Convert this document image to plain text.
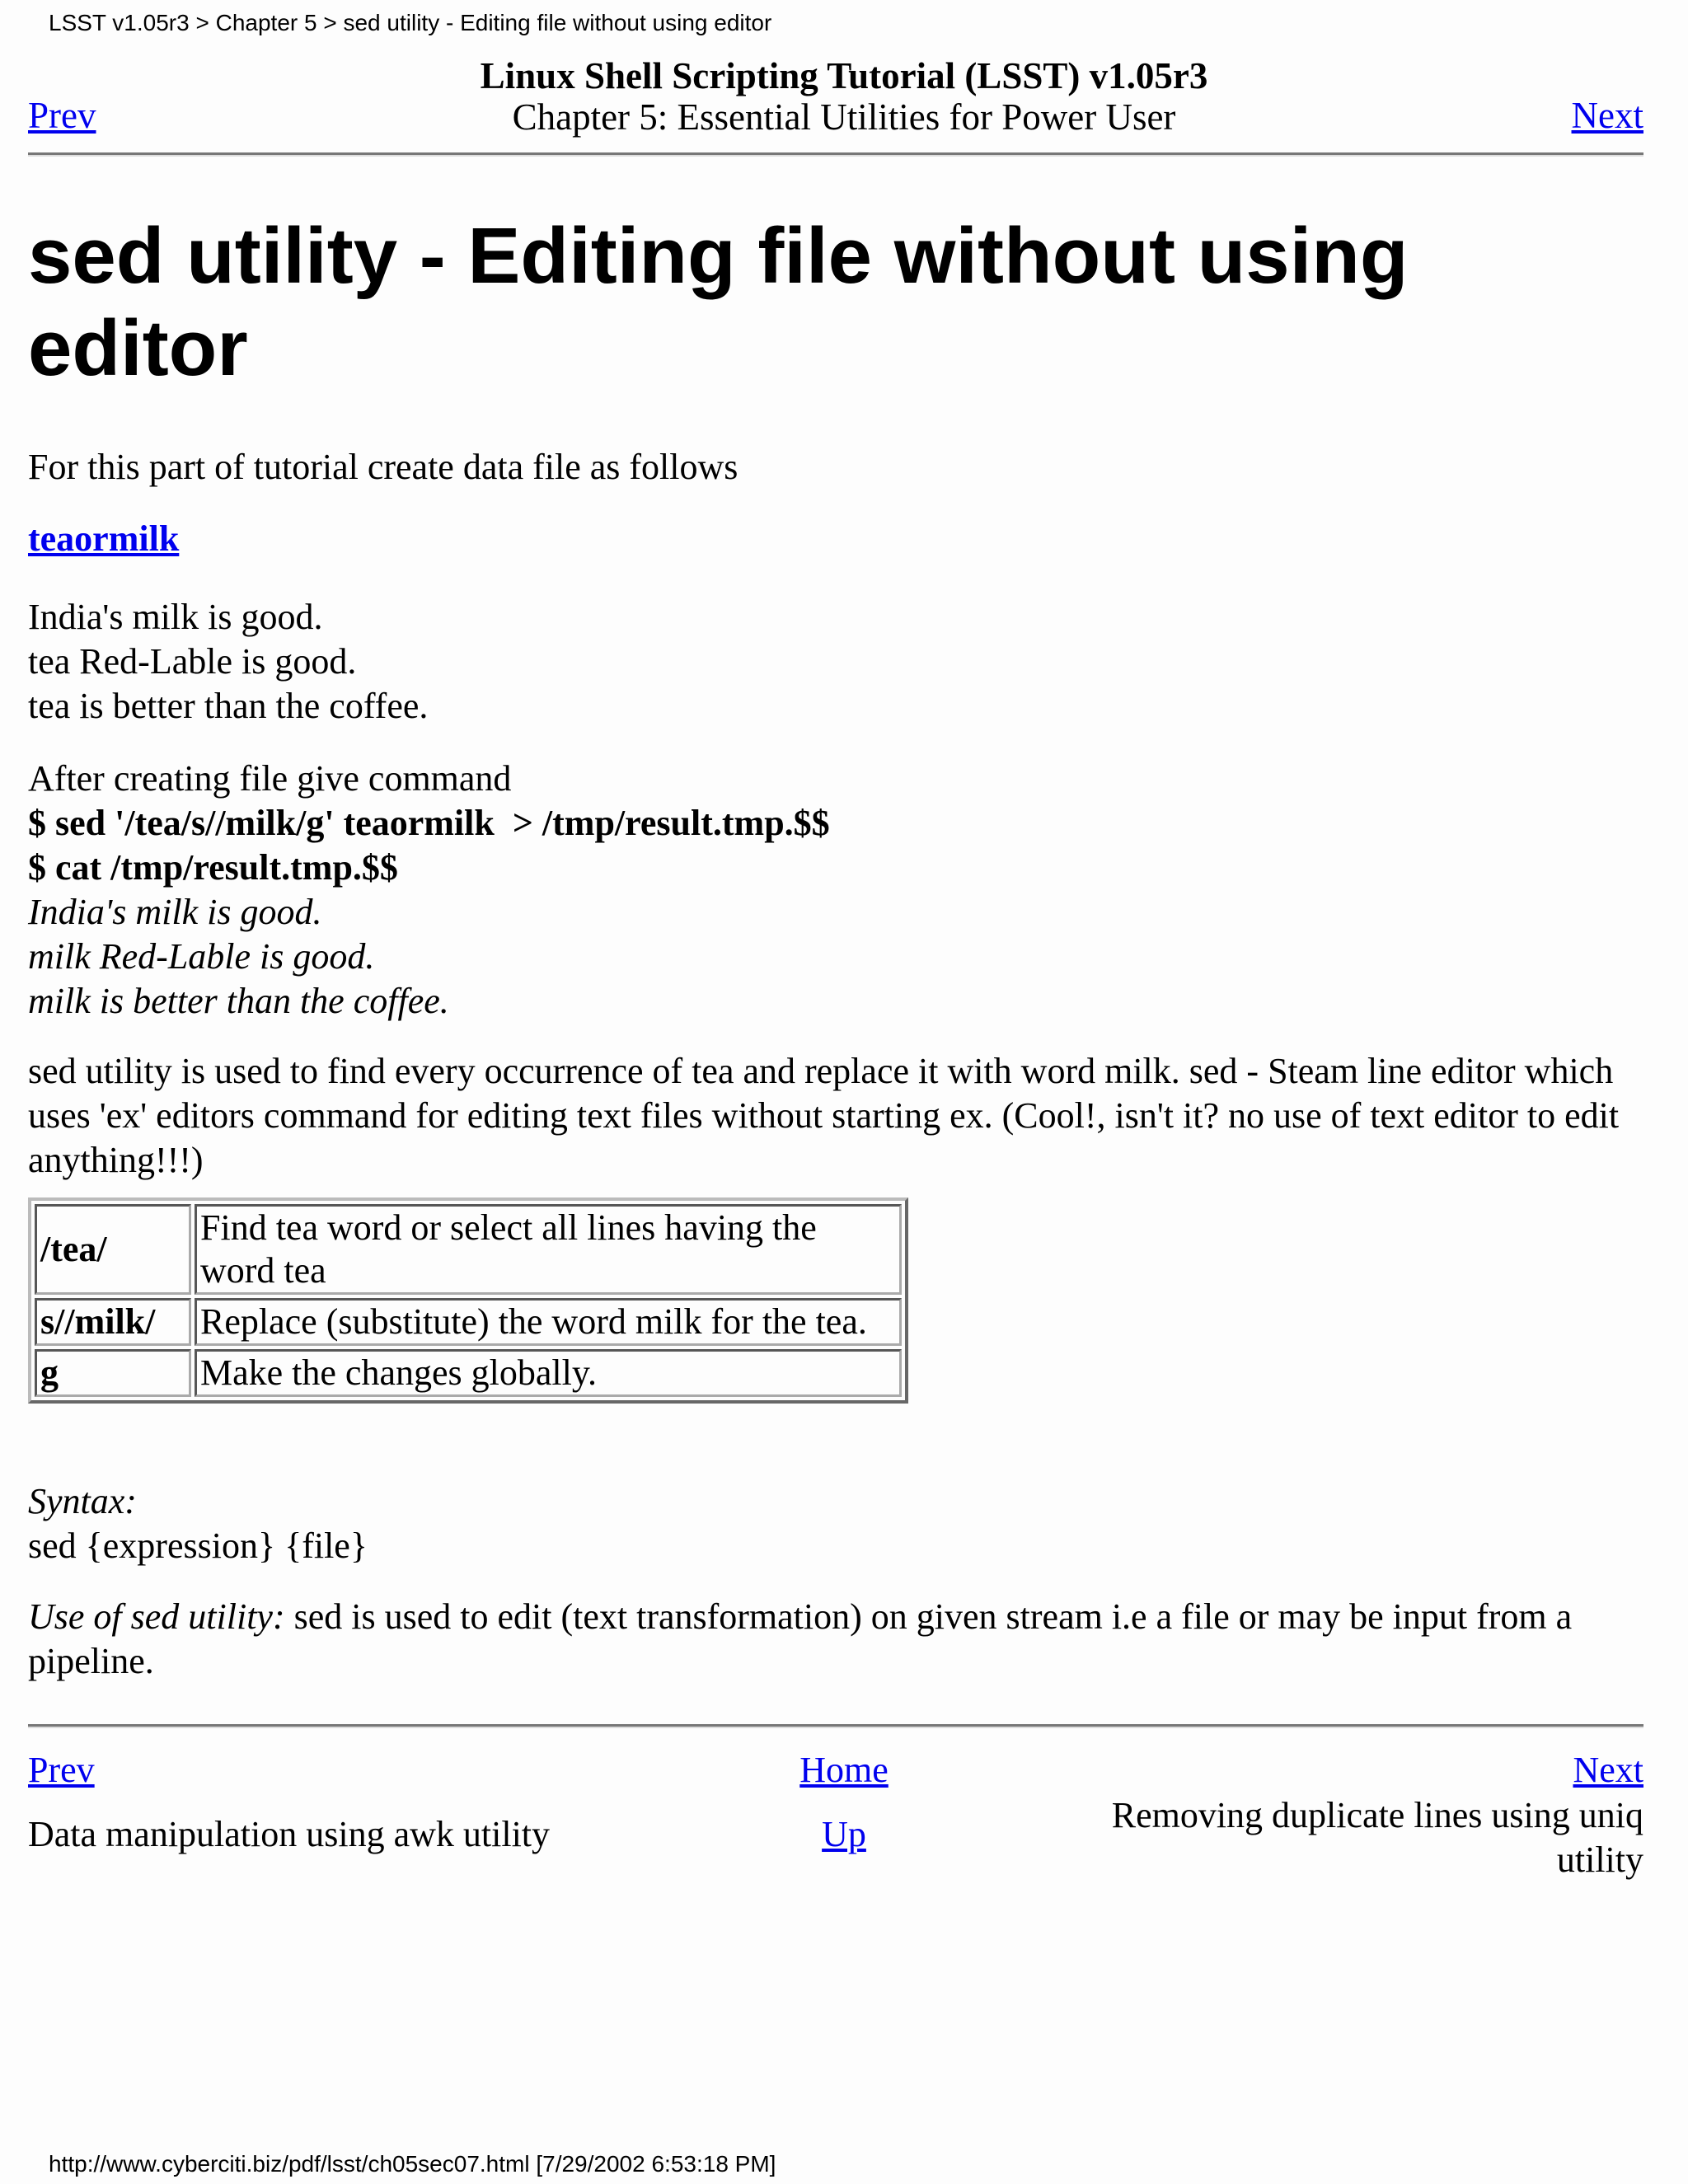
LSST v1.05r3 > Chapter 5 > sed utility - Editing file without using editor
Linux Shell Scripting Tutorial (LSST) v1.05r3
Chapter 5: Essential Utilities for Power User
Prev	Next
sed utility - Editing file without using editor
For this part of tutorial create data file as follows
teaormilk
India's milk is good.
tea Red-Lable is good.
tea is better than the coffee.
After creating file give command
$ sed '/tea/s//milk/g' teaormilk  > /tmp/result.tmp.$$
$ cat /tmp/result.tmp.$$
India's milk is good.
milk Red-Lable is good.
milk is better than the coffee.
sed utility is used to find every occurrence of tea and replace it with word milk. sed - Steam line editor which uses 'ex' editors command for editing text files without starting ex. (Cool!, isn't it? no use of text editor to edit anything!!!)
/tea/	Find tea word or select all lines having the word tea
s//milk/	Replace (substitute) the word milk for the tea.
g	Make the changes globally.
Syntax:
sed {expression} {file}
Use of sed utility: sed is used to edit (text transformation) on given stream i.e a file or may be input from a pipeline.
Prev	Home	Next
Data manipulation using awk utility	Up	Removing duplicate lines using uniq utility
http://www.cyberciti.biz/pdf/lsst/ch05sec07.html [7/29/2002 6:53:18 PM]
